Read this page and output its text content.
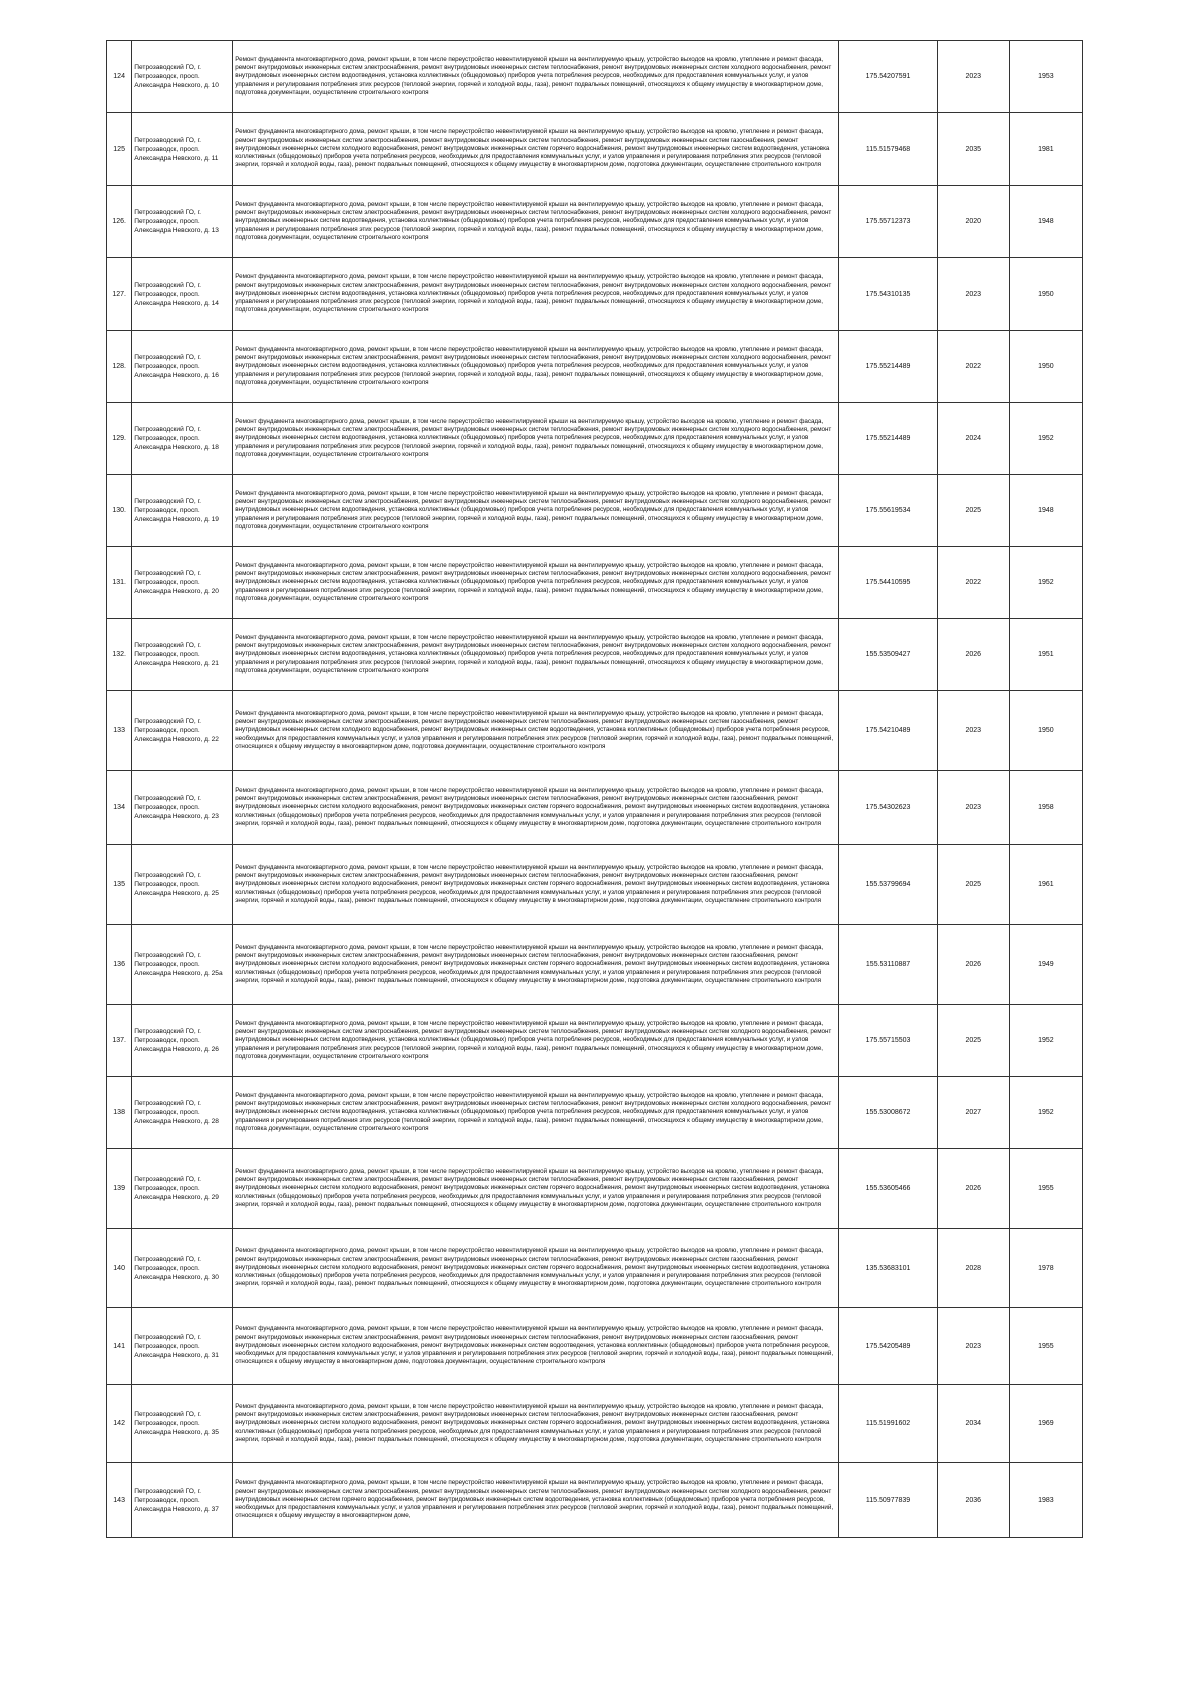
124	Петрозаводский ГО, г. Петрозаводск, просп. Александра Невского, д. 10	Ремонт фундамента многоквартирного дома, ремонт крыши, в том числе переустройство невентилируемой крыши на вентилируемую крышу, устройство выходов на кровлю, утепление и ремонт фасада, ремонт внутридомовых инженерных систем электроснабжения, ремонт внутридомовых инженерных систем теплоснабжения, ремонт внутридомовых инженерных систем холодного водоснабжения, ремонт внутридомовых инженерных систем водоотведения, установка коллективных (общедомовых) приборов учета потребления ресурсов, необходимых для предоставления коммунальных услуг, и узлов управления и регулирования потребления этих ресурсов (тепловой энергии, горячей и холодной воды, газа), ремонт подвальных помещений, относящихся к общему имуществу в многоквартирном доме, подготовка документации, осуществление строительного контроля	175.54207591	2023	1953
125	Петрозаводский ГО, г. Петрозаводск, просп. Александра Невского, д. 11	Ремонт фундамента многоквартирного дома, ремонт крыши, в том числе переустройство невентилируемой крыши на вентилируемую крышу, устройство выходов на кровлю, утепление и ремонт фасада, ремонт внутридомовых инженерных систем электроснабжения, ремонт внутридомовых инженерных систем теплоснабжения, ремонт внутридомовых инженерных систем газоснабжения, ремонт внутридомовых инженерных систем холодного водоснабжения, ремонт внутридомовых инженерных систем горячего водоснабжения, ремонт внутридомовых инженерных систем водоотведения, установка коллективных (общедомовых) приборов учета потребления ресурсов, необходимых для предоставления коммунальных услуг, и узлов управления и регулирования потребления этих ресурсов (тепловой энергии, горячей и холодной воды, газа), ремонт подвальных помещений, относящихся к общему имуществу в многоквартирном доме, подготовка документации, осуществление строительного контроля	115.51579468	2035	1981
126.	Петрозаводский ГО, г. Петрозаводск, просп. Александра Невского, д. 13	Ремонт фундамента многоквартирного дома, ремонт крыши, в том числе переустройство невентилируемой крыши на вентилируемую крышу, устройство выходов на кровлю, утепление и ремонт фасада, ремонт внутридомовых инженерных систем электроснабжения, ремонт внутридомовых инженерных систем теплоснабжения, ремонт внутридомовых инженерных систем холодного водоснабжения, ремонт внутридомовых инженерных систем водоотведения, установка коллективных (общедомовых) приборов учета потребления ресурсов, необходимых для предоставления коммунальных услуг, и узлов управления и регулирования потребления этих ресурсов (тепловой энергии, горячей и холодной воды, газа), ремонт подвальных помещений, относящихся к общему имуществу в многоквартирном доме, подготовка документации, осуществление строительного контроля	175.55712373	2020	1948
127.	Петрозаводский ГО, г. Петрозаводск, просп. Александра Невского, д. 14	Ремонт фундамента многоквартирного дома, ремонт крыши, в том числе переустройство невентилируемой крыши на вентилируемую крышу, устройство выходов на кровлю, утепление и ремонт фасада, ремонт внутридомовых инженерных систем электроснабжения, ремонт внутридомовых инженерных систем теплоснабжения, ремонт внутридомовых инженерных систем холодного водоснабжения, ремонт внутридомовых инженерных систем водоотведения, установка коллективных (общедомовых) приборов учета потребления ресурсов, необходимых для предоставления коммунальных услуг, и узлов управления и регулирования потребления этих ресурсов (тепловой энергии, горячей и холодной воды, газа), ремонт подвальных помещений, относящихся к общему имуществу в многоквартирном доме, подготовка документации, осуществление строительного контроля	175.54310135	2023	1950
128.	Петрозаводский ГО, г. Петрозаводск, просп. Александра Невского, д. 16	Ремонт фундамента многоквартирного дома, ремонт крыши, в том числе переустройство невентилируемой крыши на вентилируемую крышу, устройство выходов на кровлю, утепление и ремонт фасада, ремонт внутридомовых инженерных систем электроснабжения, ремонт внутридомовых инженерных систем теплоснабжения, ремонт внутридомовых инженерных систем холодного водоснабжения, ремонт внутридомовых инженерных систем водоотведения, установка коллективных (общедомовых) приборов учета потребления ресурсов, необходимых для предоставления коммунальных услуг, и узлов управления и регулирования потребления этих ресурсов (тепловой энергии, горячей и холодной воды, газа), ремонт подвальных помещений, относящихся к общему имуществу в многоквартирном доме, подготовка документации, осуществление строительного контроля	175.55214489	2022	1950
129.	Петрозаводский ГО, г. Петрозаводск, просп. Александра Невского, д. 18	Ремонт фундамента многоквартирного дома, ремонт крыши, в том числе переустройство невентилируемой крыши на вентилируемую крышу, устройство выходов на кровлю, утепление и ремонт фасада, ремонт внутридомовых инженерных систем электроснабжения, ремонт внутридомовых инженерных систем теплоснабжения, ремонт внутридомовых инженерных систем холодного водоснабжения, ремонт внутридомовых инженерных систем водоотведения, установка коллективных (общедомовых) приборов учета потребления ресурсов, необходимых для предоставления коммунальных услуг, и узлов управления и регулирования потребления этих ресурсов (тепловой энергии, горячей и холодной воды, газа), ремонт подвальных помещений, относящихся к общему имуществу в многоквартирном доме, подготовка документации, осуществление строительного контроля	175.55214489	2024	1952
130.	Петрозаводский ГО, г. Петрозаводск, просп. Александра Невского, д. 19	Ремонт фундамента многоквартирного дома, ремонт крыши, в том числе переустройство невентилируемой крыши на вентилируемую крышу, устройство выходов на кровлю, утепление и ремонт фасада, ремонт внутридомовых инженерных систем электроснабжения, ремонт внутридомовых инженерных систем теплоснабжения, ремонт внутридомовых инженерных систем холодного водоснабжения, ремонт внутридомовых инженерных систем водоотведения, установка коллективных (общедомовых) приборов учета потребления ресурсов, необходимых для предоставления коммунальных услуг, и узлов управления и регулирования потребления этих ресурсов (тепловой энергии, горячей и холодной воды, газа), ремонт подвальных помещений, относящихся к общему имуществу в многоквартирном доме, подготовка документации, осуществление строительного контроля	175.55619534	2025	1948
131.	Петрозаводский ГО, г. Петрозаводск, просп. Александра Невского, д. 20	Ремонт фундамента многоквартирного дома, ремонт крыши, в том числе переустройство невентилируемой крыши на вентилируемую крышу, устройство выходов на кровлю, утепление и ремонт фасада, ремонт внутридомовых инженерных систем электроснабжения, ремонт внутридомовых инженерных систем теплоснабжения, ремонт внутридомовых инженерных систем холодного водоснабжения, ремонт внутридомовых инженерных систем водоотведения, установка коллективных (общедомовых) приборов учета потребления ресурсов, необходимых для предоставления коммунальных услуг, и узлов управления и регулирования потребления этих ресурсов (тепловой энергии, горячей и холодной воды, газа), ремонт подвальных помещений, относящихся к общему имуществу в многоквартирном доме, подготовка документации, осуществление строительного контроля	175.54410595	2022	1952
132.	Петрозаводский ГО, г. Петрозаводск, просп. Александра Невского, д. 21	Ремонт фундамента многоквартирного дома, ремонт крыши, в том числе переустройство невентилируемой крыши на вентилируемую крышу, устройство выходов на кровлю, утепление и ремонт фасада, ремонт внутридомовых инженерных систем электроснабжения, ремонт внутридомовых инженерных систем теплоснабжения, ремонт внутридомовых инженерных систем холодного водоснабжения, ремонт внутридомовых инженерных систем водоотведения, установка коллективных (общедомовых) приборов учета потребления ресурсов, необходимых для предоставления коммунальных услуг, и узлов управления и регулирования потребления этих ресурсов (тепловой энергии, горячей и холодной воды, газа), ремонт подвальных помещений, относящихся к общему имуществу в многоквартирном доме, подготовка документации, осуществление строительного контроля	155.53509427	2026	1951
133	Петрозаводский ГО, г. Петрозаводск, просп. Александра Невского, д. 22	Ремонт фундамента многоквартирного дома, ремонт крыши, в том числе переустройство невентилируемой крыши на вентилируемую крышу, устройство выходов на кровлю, утепление и ремонт фасада, ремонт внутридомовых инженерных систем электроснабжения, ремонт внутридомовых инженерных систем теплоснабжения, ремонт внутридомовых инженерных систем газоснабжения, ремонт внутридомовых инженерных систем холодного водоснабжения, ремонт внутридомовых инженерных систем водоотведения, установка коллективных (общедомовых) приборов учета потребления ресурсов, необходимых для предоставления коммунальных услуг, и узлов управления и регулирования потребления этих ресурсов (тепловой энергии, горячей и холодной воды, газа), ремонт подвальных помещений, относящихся к общему имуществу в многоквартирном доме, подготовка документации, осуществление строительного контроля	175.54210489	2023	1950
134	Петрозаводский ГО, г. Петрозаводск, просп. Александра Невского, д. 23	Ремонт фундамента многоквартирного дома, ремонт крыши, в том числе переустройство невентилируемой крыши на вентилируемую крышу, устройство выходов на кровлю, утепление и ремонт фасада, ремонт внутридомовых инженерных систем электроснабжения, ремонт внутридомовых инженерных систем теплоснабжения, ремонт внутридомовых инженерных систем газоснабжения, ремонт внутридомовых инженерных систем холодного водоснабжения, ремонт внутридомовых инженерных систем горячего водоснабжения, ремонт внутридомовых инженерных систем водоотведения, установка коллективных (общедомовых) приборов учета потребления ресурсов, необходимых для предоставления коммунальных услуг, и узлов управления и регулирования потребления этих ресурсов (тепловой энергии, горячей и холодной воды, газа), ремонт подвальных помещений, относящихся к общему имуществу в многоквартирном доме, подготовка документации, осуществление строительного контроля	175.54302623	2023	1958
135	Петрозаводский ГО, г. Петрозаводск, просп. Александра Невского, д. 25	Ремонт фундамента многоквартирного дома, ремонт крыши, в том числе переустройство невентилируемой крыши на вентилируемую крышу, устройство выходов на кровлю, утепление и ремонт фасада, ремонт внутридомовых инженерных систем электроснабжения, ремонт внутридомовых инженерных систем теплоснабжения, ремонт внутридомовых инженерных систем газоснабжения, ремонт внутридомовых инженерных систем холодного водоснабжения, ремонт внутридомовых инженерных систем горячего водоснабжения, ремонт внутридомовых инженерных систем водоотведения, установка коллективных (общедомовых) приборов учета потребления ресурсов, необходимых для предоставления коммунальных услуг, и узлов управления и регулирования потребления этих ресурсов (тепловой энергии, горячей и холодной воды, газа), ремонт подвальных помещений, относящихся к общему имуществу в многоквартирном доме, подготовка документации, осуществление строительного контроля	155.53799694	2025	1961
136	Петрозаводский ГО, г. Петрозаводск, просп. Александра Невского, д. 25а	Ремонт фундамента многоквартирного дома, ремонт крыши, в том числе переустройство невентилируемой крыши на вентилируемую крышу, устройство выходов на кровлю, утепление и ремонт фасада, ремонт внутридомовых инженерных систем электроснабжения, ремонт внутридомовых инженерных систем теплоснабжения, ремонт внутридомовых инженерных систем газоснабжения, ремонт внутридомовых инженерных систем холодного водоснабжения, ремонт внутридомовых инженерных систем горячего водоснабжения, ремонт внутридомовых инженерных систем водоотведения, установка коллективных (общедомовых) приборов учета потребления ресурсов, необходимых для предоставления коммунальных услуг, и узлов управления и регулирования потребления этих ресурсов (тепловой энергии, горячей и холодной воды, газа), ремонт подвальных помещений, относящихся к общему имуществу в многоквартирном доме, подготовка документации, осуществление строительного контроля	155.53110887	2026	1949
137.	Петрозаводский ГО, г. Петрозаводск, просп. Александра Невского, д. 26	Ремонт фундамента многоквартирного дома, ремонт крыши, в том числе переустройство невентилируемой крыши на вентилируемую крышу, устройство выходов на кровлю, утепление и ремонт фасада, ремонт внутридомовых инженерных систем электроснабжения, ремонт внутридомовых инженерных систем теплоснабжения, ремонт внутридомовых инженерных систем холодного водоснабжения, ремонт внутридомовых инженерных систем водоотведения, установка коллективных (общедомовых) приборов учета потребления ресурсов, необходимых для предоставления коммунальных услуг, и узлов управления и регулирования потребления этих ресурсов (тепловой энергии, горячей и холодной воды, газа), ремонт подвальных помещений, относящихся к общему имуществу в многоквартирном доме, подготовка документации, осуществление строительного контроля	175.55715503	2025	1952
138	Петрозаводский ГО, г. Петрозаводск, просп. Александра Невского, д. 28	Ремонт фундамента многоквартирного дома, ремонт крыши, в том числе переустройство невентилируемой крыши на вентилируемую крышу, устройство выходов на кровлю, утепление и ремонт фасада, ремонт внутридомовых инженерных систем электроснабжения, ремонт внутридомовых инженерных систем теплоснабжения, ремонт внутридомовых инженерных систем холодного водоснабжения, ремонт внутридомовых инженерных систем водоотведения, установка коллективных (общедомовых) приборов учета потребления ресурсов, необходимых для предоставления коммунальных услуг, и узлов управления и регулирования потребления этих ресурсов (тепловой энергии, горячей и холодной воды, газа), ремонт подвальных помещений, относящихся к общему имуществу в многоквартирном доме, подготовка документации, осуществление строительного контроля	155.53008672	2027	1952
139	Петрозаводский ГО, г. Петрозаводск, просп. Александра Невского, д. 29	Ремонт фундамента многоквартирного дома, ремонт крыши, в том числе переустройство невентилируемой крыши на вентилируемую крышу, устройство выходов на кровлю, утепление и ремонт фасада, ремонт внутридомовых инженерных систем электроснабжения, ремонт внутридомовых инженерных систем теплоснабжения, ремонт внутридомовых инженерных систем газоснабжения, ремонт внутридомовых инженерных систем холодного водоснабжения, ремонт внутридомовых инженерных систем горячего водоснабжения, ремонт внутридомовых инженерных систем водоотведения, установка коллективных (общедомовых) приборов учета потребления ресурсов, необходимых для предоставления коммунальных услуг, и узлов управления и регулирования потребления этих ресурсов (тепловой энергии, горячей и холодной воды, газа), ремонт подвальных помещений, относящихся к общему имуществу в многоквартирном доме, подготовка документации, осуществление строительного контроля	155.53605466	2026	1955
140	Петрозаводский ГО, г. Петрозаводск, просп. Александра Невского, д. 30	Ремонт фундамента многоквартирного дома, ремонт крыши, в том числе переустройство невентилируемой крыши на вентилируемую крышу, устройство выходов на кровлю, утепление и ремонт фасада, ремонт внутридомовых инженерных систем электроснабжения, ремонт внутридомовых инженерных систем теплоснабжения, ремонт внутридомовых инженерных систем газоснабжения, ремонт внутридомовых инженерных систем холодного водоснабжения, ремонт внутридомовых инженерных систем горячего водоснабжения, ремонт внутридомовых инженерных систем водоотведения, установка коллективных (общедомовых) приборов учета потребления ресурсов, необходимых для предоставления коммунальных услуг, и узлов управления и регулирования потребления этих ресурсов (тепловой энергии, горячей и холодной воды, газа), ремонт подвальных помещений, относящихся к общему имуществу в многоквартирном доме, подготовка документации, осуществление строительного контроля	135.53683101	2028	1978
141	Петрозаводский ГО, г. Петрозаводск, просп. Александра Невского, д. 31	Ремонт фундамента многоквартирного дома, ремонт крыши, в том числе переустройство невентилируемой крыши на вентилируемую крышу, устройство выходов на кровлю, утепление и ремонт фасада, ремонт внутридомовых инженерных систем электроснабжения, ремонт внутридомовых инженерных систем теплоснабжения, ремонт внутридомовых инженерных систем газоснабжения, ремонт внутридомовых инженерных систем холодного водоснабжения, ремонт внутридомовых инженерных систем водоотведения, установка коллективных (общедомовых) приборов учета потребления ресурсов, необходимых для предоставления коммунальных услуг, и узлов управления и регулирования потребления этих ресурсов (тепловой энергии, горячей и холодной воды, газа), ремонт подвальных помещений, относящихся к общему имуществу в многоквартирном доме, подготовка документации, осуществление строительного контроля	175.54205489	2023	1955
142	Петрозаводский ГО, г. Петрозаводск, просп. Александра Невского, д. 35	Ремонт фундамента многоквартирного дома, ремонт крыши, в том числе переустройство невентилируемой крыши на вентилируемую крышу, устройство выходов на кровлю, утепление и ремонт фасада, ремонт внутридомовых инженерных систем электроснабжения, ремонт внутридомовых инженерных систем теплоснабжения, ремонт внутридомовых инженерных систем газоснабжения, ремонт внутридомовых инженерных систем холодного водоснабжения, ремонт внутридомовых инженерных систем горячего водоснабжения, ремонт внутридомовых инженерных систем водоотведения, установка коллективных (общедомовых) приборов учета потребления ресурсов, необходимых для предоставления коммунальных услуг, и узлов управления и регулирования потребления этих ресурсов (тепловой энергии, горячей и холодной воды, газа), ремонт подвальных помещений, относящихся к общему имуществу в многоквартирном доме, подготовка документации, осуществление строительного контроля	115.51991602	2034	1969
143	Петрозаводский ГО, г. Петрозаводск, просп. Александра Невского, д. 37	Ремонт фундамента многоквартирного дома, ремонт крыши, в том числе переустройство невентилируемой крыши на вентилируемую крышу, устройство выходов на кровлю, утепление и ремонт фасада, ремонт внутридомовых инженерных систем электроснабжения, ремонт внутридомовых инженерных систем теплоснабжения, ремонт внутридомовых инженерных систем холодного водоснабжения, ремонт внутридомовых инженерных систем горячего водоснабжения, ремонт внутридомовых инженерных систем водоотведения, установка коллективных (общедомовых) приборов учета потребления ресурсов, необходимых для предоставления коммунальных услуг, и узлов управления и регулирования потребления этих ресурсов (тепловой энергии, горячей и холодной воды, газа), ремонт подвальных помещений, относящихся к общему имуществу в многоквартирном доме,	115.50977839	2036	1983
